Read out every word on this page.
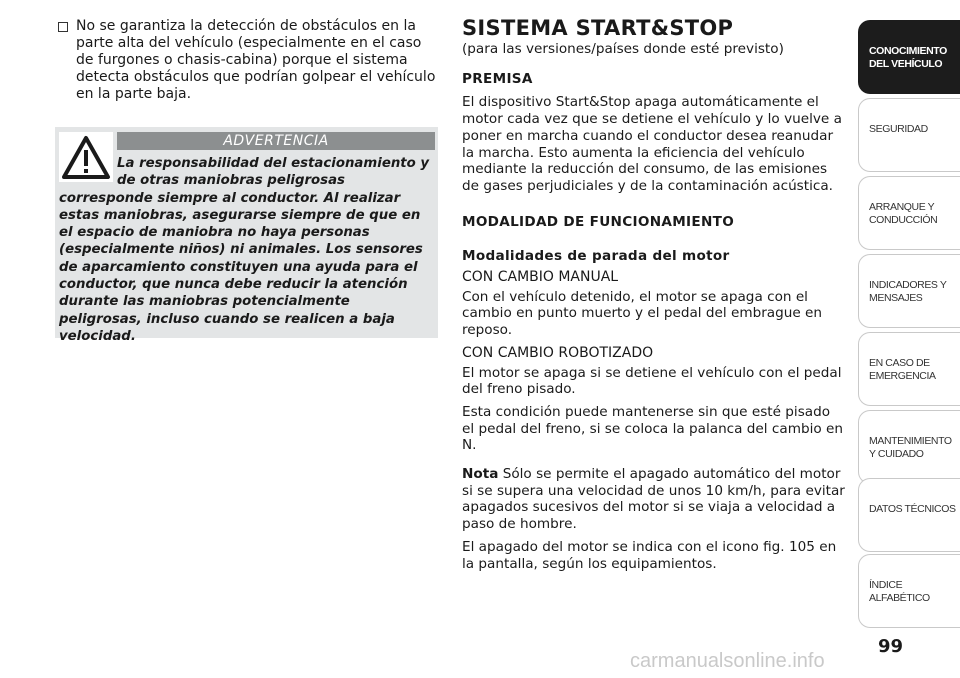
No se garantiza la detección de obstáculos en la parte alta del vehículo (especialmente en el caso de furgones o chasis-cabina) porque el sistema detecta obstáculos que podrían golpear el vehículo en la parte baja.
ADVERTENCIA
La responsabilidad del estacionamiento y de otras maniobras peligrosas corresponde siempre al conductor. Al realizar estas maniobras, asegurarse siempre de que en el espacio de maniobra no haya personas (especialmente niños) ni animales. Los sensores de aparcamiento constituyen una ayuda para el conductor, que nunca debe reducir la atención durante las maniobras potencialmente peligrosas, incluso cuando se realicen a baja velocidad.
SISTEMA START&STOP

(para las versiones/países donde esté previsto)

PREMISA

El dispositivo Start&Stop apaga automáticamente el motor cada vez que se detiene el vehículo y lo vuelve a poner en marcha cuando el conductor desea reanudar la marcha. Esto aumenta la eficiencia del vehículo mediante la reducción del consumo, de las emisiones de gases perjudiciales y de la contaminación acústica.

MODALIDAD DE FUNCIONAMIENTO

Modalidades de parada del motor

CON CAMBIO MANUAL

Con el vehículo detenido, el motor se apaga con el cambio en punto muerto y el pedal del embrague en reposo.

CON CAMBIO ROBOTIZADO

El motor se apaga si se detiene el vehículo con el pedal del freno pisado.

Esta condición puede mantenerse sin que esté pisado el pedal del freno, si se coloca la palanca del cambio en N.

Nota Sólo se permite el apagado automático del motor si se supera una velocidad de unos 10 km/h, para evitar apagados sucesivos del motor si se viaja a velocidad a paso de hombre.

El apagado del motor se indica con el icono fig. 105 en la pantalla, según los equipamientos.

CONOCIMIENTO DEL VEHÍCULO
SEGURIDAD
ARRANQUE Y CONDUCCIÓN
INDICADORES Y MENSAJES
EN CASO DE EMERGENCIA
MANTENIMIENTO Y CUIDADO
DATOS TÉCNICOS
ÍNDICE ALFABÉTICO
99
carmanualsonline.info
